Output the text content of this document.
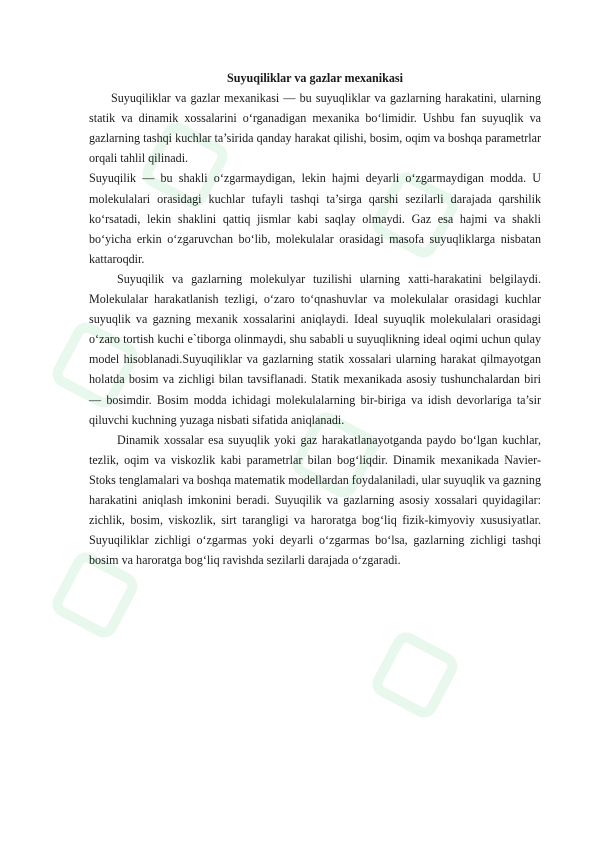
Suyuqiliklar va gazlar mexanikasi

Suyuqiliklar va gazlar mexanikasi — bu suyuqliklar va gazlarning harakatini, ularning statik va dinamik xossalarini o‘rganadigan mexanika bo‘limidir. Ushbu fan suyuqlik va gazlarning tashqi kuchlar ta’sirida qanday harakat qilishi, bosim, oqim va boshqa parametrlar orqali tahlil qilinadi.

Suyuqilik — bu shakli o‘zgarmaydigan, lekin hajmi deyarli o‘zgarmaydigan modda. U molekulalari orasidagi kuchlar tufayli tashqi ta’sirga qarshi sezilarli darajada qarshilik ko‘rsatadi, lekin shaklini qattiq jismlar kabi saqlay olmaydi. Gaz esa hajmi va shakli bo‘yicha erkin o‘zgaruvchan bo‘lib, molekulalar orasidagi masofa suyuqliklarga nisbatan kattaroqdir.

Suyuqilik va gazlarning molekulyar tuzilishi ularning xatti-harakatini belgilaydi. Molekulalar harakatlanish tezligi, o‘zaro to‘qnashuvlar va molekulalar orasidagi kuchlar suyuqlik va gazning mexanik xossalarini aniqlaydi. Ideal suyuqlik molekulalari orasidagi o‘zaro tortish kuchi e`tiborga olinmaydi, shu sababli u suyuqlikning ideal oqimi uchun qulay model hisoblanadi.Suyuqiliklar va gazlarning statik xossalari ularning harakat qilmayotgan holatda bosim va zichligi bilan tavsiflanadi. Statik mexanikada asosiy tushunchalardan biri — bosimdir. Bosim modda ichidagi molekulalarning bir-biriga va idish devorlariga ta’sir qiluvchi kuchning yuzaga nisbati sifatida aniqlanadi.

Dinamik xossalar esa suyuqlik yoki gaz harakatlanayotganda paydo bo‘lgan kuchlar, tezlik, oqim va viskozlik kabi parametrlar bilan bog‘liqdir. Dinamik mexanikada Navier-Stoks tenglamalari va boshqa matematik modellardan foydalaniladi, ular suyuqlik va gazning harakatini aniqlash imkonini beradi. Suyuqilik va gazlarning asosiy xossalari quyidagilar: zichlik, bosim, viskozlik, sirt tarangligi va haroratga bog‘liq fizik-kimyoviy xususiyatlar. Suyuqiliklar zichligi o‘zgarmas yoki deyarli o‘zgarmas bo‘lsa, gazlarning zichligi tashqi bosim va haroratga bog‘liq ravishda sezilarli darajada o‘zgaradi.
